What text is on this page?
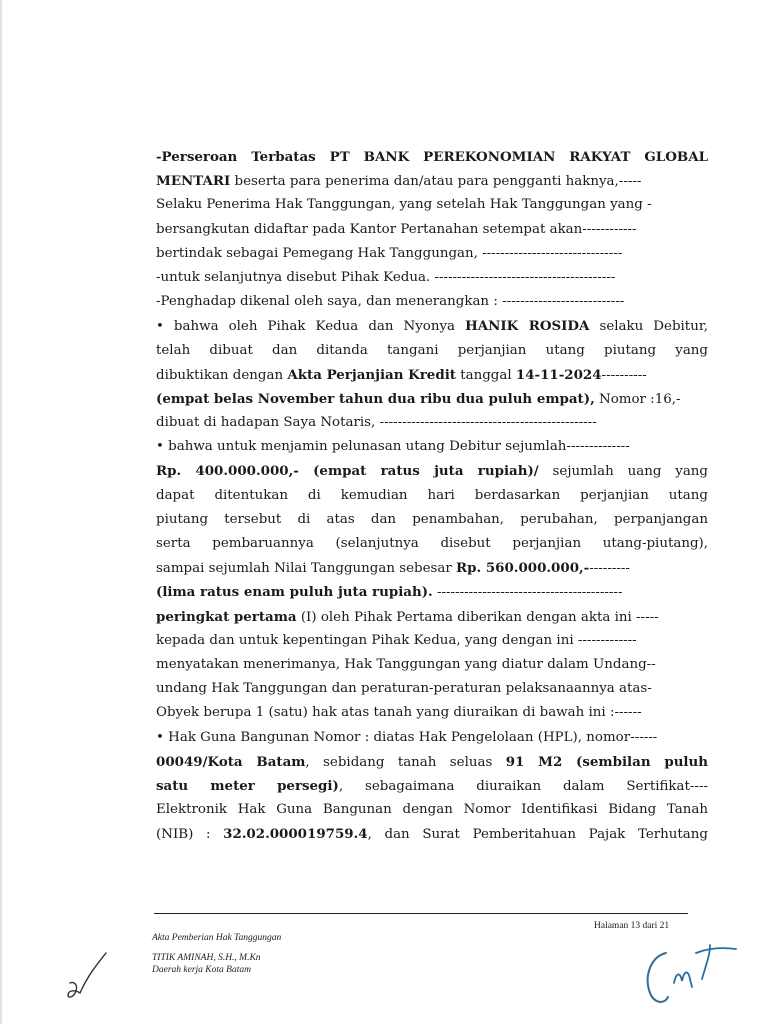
-Perseroan Terbatas PT BANK PEREKONOMIAN RAKYAT GLOBAL
MENTARI beserta para penerima dan/atau para pengganti haknya,-----
Selaku Penerima Hak Tanggungan, yang setelah Hak Tanggungan yang -
bersangkutan didaftar pada Kantor Pertanahan setempat akan------------
bertindak sebagai Pemegang Hak Tanggungan, -------------------------------
-untuk selanjutnya disebut Pihak Kedua. ----------------------------------------
-Penghadap dikenal oleh saya, dan menerangkan : ---------------------------
• bahwa oleh Pihak Kedua dan Nyonya HANIK ROSIDA selaku Debitur,
telah dibuat dan ditanda tangani perjanjian utang piutang yang
dibuktikan dengan Akta Perjanjian Kredit tanggal 14-11-2024----------
(empat belas November tahun dua ribu dua puluh empat), Nomor :16,-
dibuat di hadapan Saya Notaris, ------------------------------------------------
• bahwa untuk menjamin pelunasan utang Debitur sejumlah--------------
Rp. 400.000.000,- (empat ratus juta rupiah)/ sejumlah uang yang
dapat ditentukan di kemudian hari berdasarkan perjanjian utang
piutang tersebut di atas dan penambahan, perubahan, perpanjangan
serta pembaruannya (selanjutnya disebut perjanjian utang-piutang),
sampai sejumlah Nilai Tanggungan sebesar Rp. 560.000.000,----------
(lima ratus enam puluh juta rupiah). -----------------------------------------
peringkat pertama (I) oleh Pihak Pertama diberikan dengan akta ini -----
kepada dan untuk kepentingan Pihak Kedua, yang dengan ini -------------
menyatakan menerimanya, Hak Tanggungan yang diatur dalam Undang--
undang Hak Tanggungan dan peraturan-peraturan pelaksanaannya atas-
Obyek berupa 1 (satu) hak atas tanah yang diuraikan di bawah ini :------
• Hak Guna Bangunan Nomor : diatas Hak Pengelolaan (HPL), nomor------
00049/Kota Batam, sebidang tanah seluas 91 M2 (sembilan puluh
satu meter persegi), sebagaimana diuraikan dalam Sertifikat----
Elektronik Hak Guna Bangunan dengan Nomor Identifikasi Bidang Tanah
(NIB) : 32.02.000019759.4, dan Surat Pemberitahuan Pajak Terhutang
Halaman 13 dari 21
Akta Pemberian Hak Tanggungan
TITIK AMINAH, S.H., M.Kn
Daerah kerja Kota Batam
